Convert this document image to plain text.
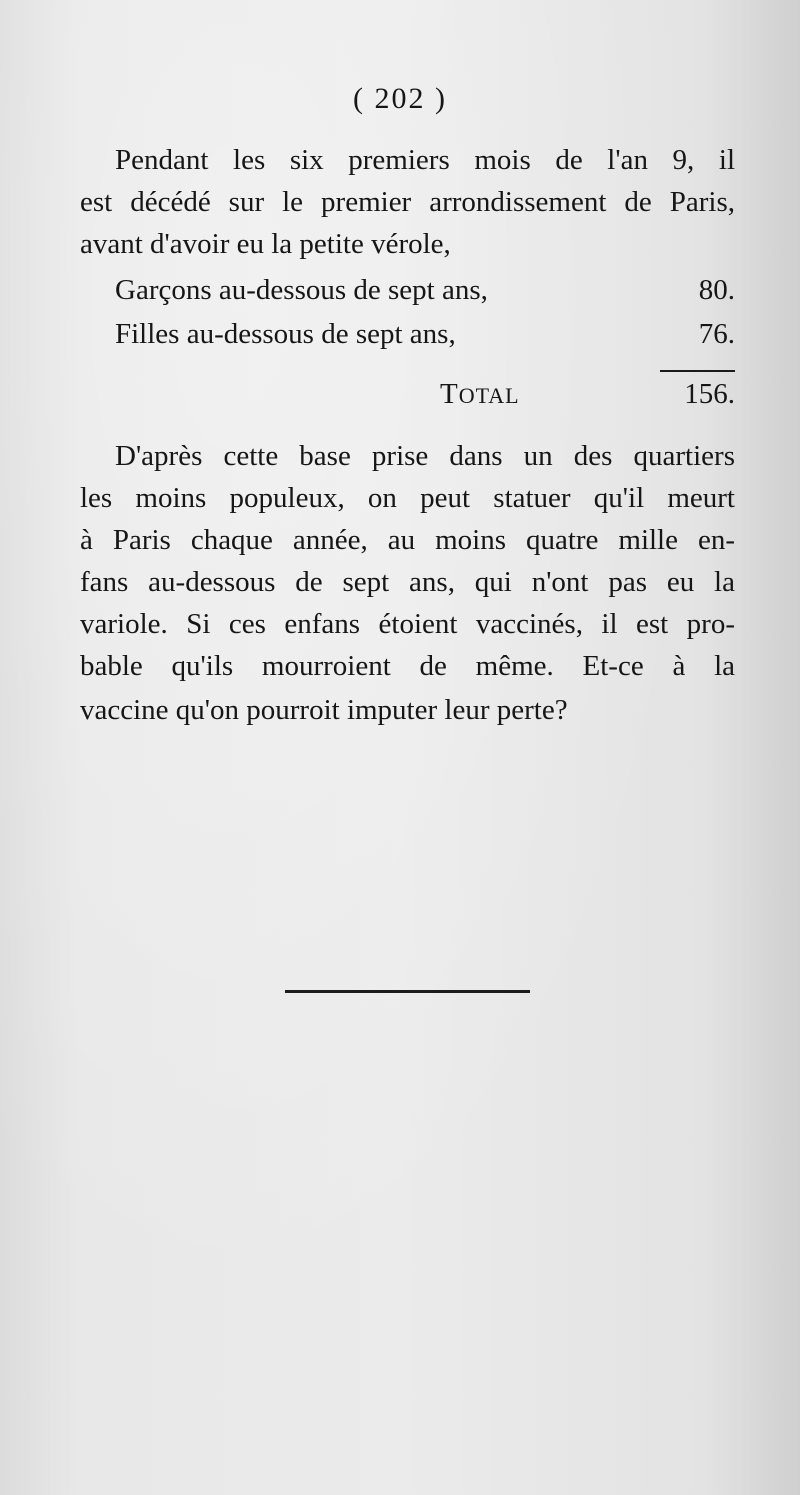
( 202 )
Pendant les six premiers mois de l'an 9, il
est décédé sur le premier arrondissement de Paris,
avant d'avoir eu la petite vérole,
Garçons au-dessous de sept ans,	80.
Filles au-dessous de sept ans,	76.
TOTAL	156.
D'après cette base prise dans un des quartiers
les moins populeux, on peut statuer qu'il meurt
à Paris chaque année, au moins quatre mille en-
fans au-dessous de sept ans, qui n'ont pas eu la
variole. Si ces enfans étoient vaccinés, il est pro-
bable qu'ils mourroient de même. Et-ce à la
vaccine qu'on pourroit imputer leur perte?
